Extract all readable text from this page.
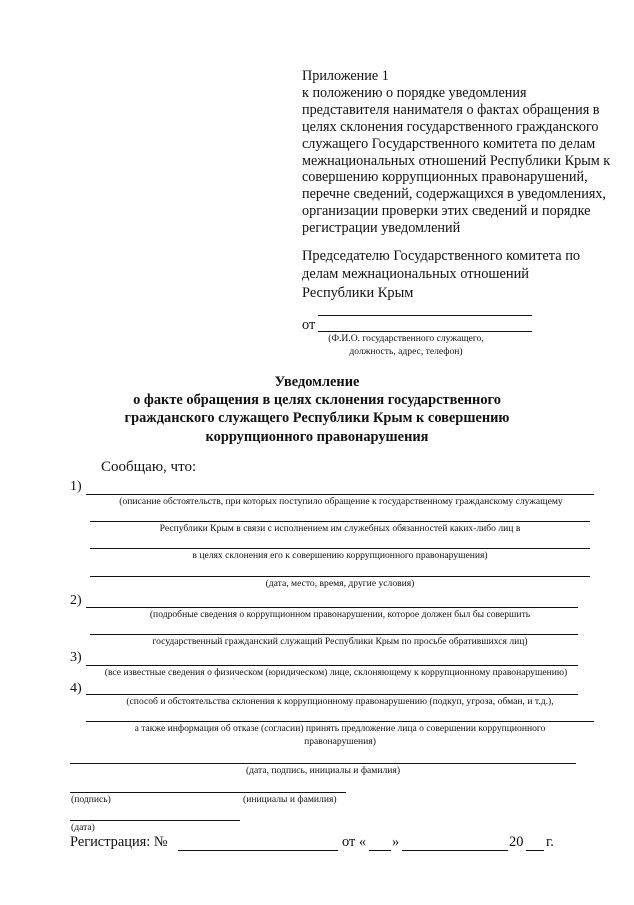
Приложение 1
к положению о порядке уведомления
представителя нанимателя о фактах обращения в
целях склонения государственного гражданского
служащего Государственного комитета по делам
межнациональных отношений Республики Крым к
совершению коррупционных правонарушений,
перечне сведений, содержащихся в уведомлениях,
организации проверки этих сведений и порядке
регистрации уведомлений
Председателю Государственного комитета по
делам межнациональных отношений
Республики Крым
от
(Ф.И.О. государственного служащего,
должность, адрес, телефон)
Уведомление
о факте обращения в целях склонения государственного
гражданского служащего Республики Крым к совершению
коррупционного правонарушения
Сообщаю, что:
1)
(описание обстоятельств, при которых поступило обращение к государственному гражданскому служащему
Республики Крым в связи с исполнением им служебных обязанностей каких-либо лиц в
в целях склонения его к совершению коррупционного правонарушения)
(дата, место, время, другие условия)
2)
(подробные сведения о коррупционном правонарушении, которое должен был бы совершить
государственный гражданский служащий Республики Крым по просьбе обратившихся лиц)
3)
(все известные сведения о физическом (юридическом) лице, склоняющему к коррупционному правонарушению)
4)
(способ и обстоятельства склонения к коррупционному правонарушению (подкуп, угроза, обман, и т.д.),
а также информация об отказе (согласии) принять предложение лица о совершении коррупционного
правонарушения)
(дата, подпись, инициалы и фамилия)
(подпись)	(инициалы и фамилия)
(дата)
Регистрация: №	от « »	20 г.
